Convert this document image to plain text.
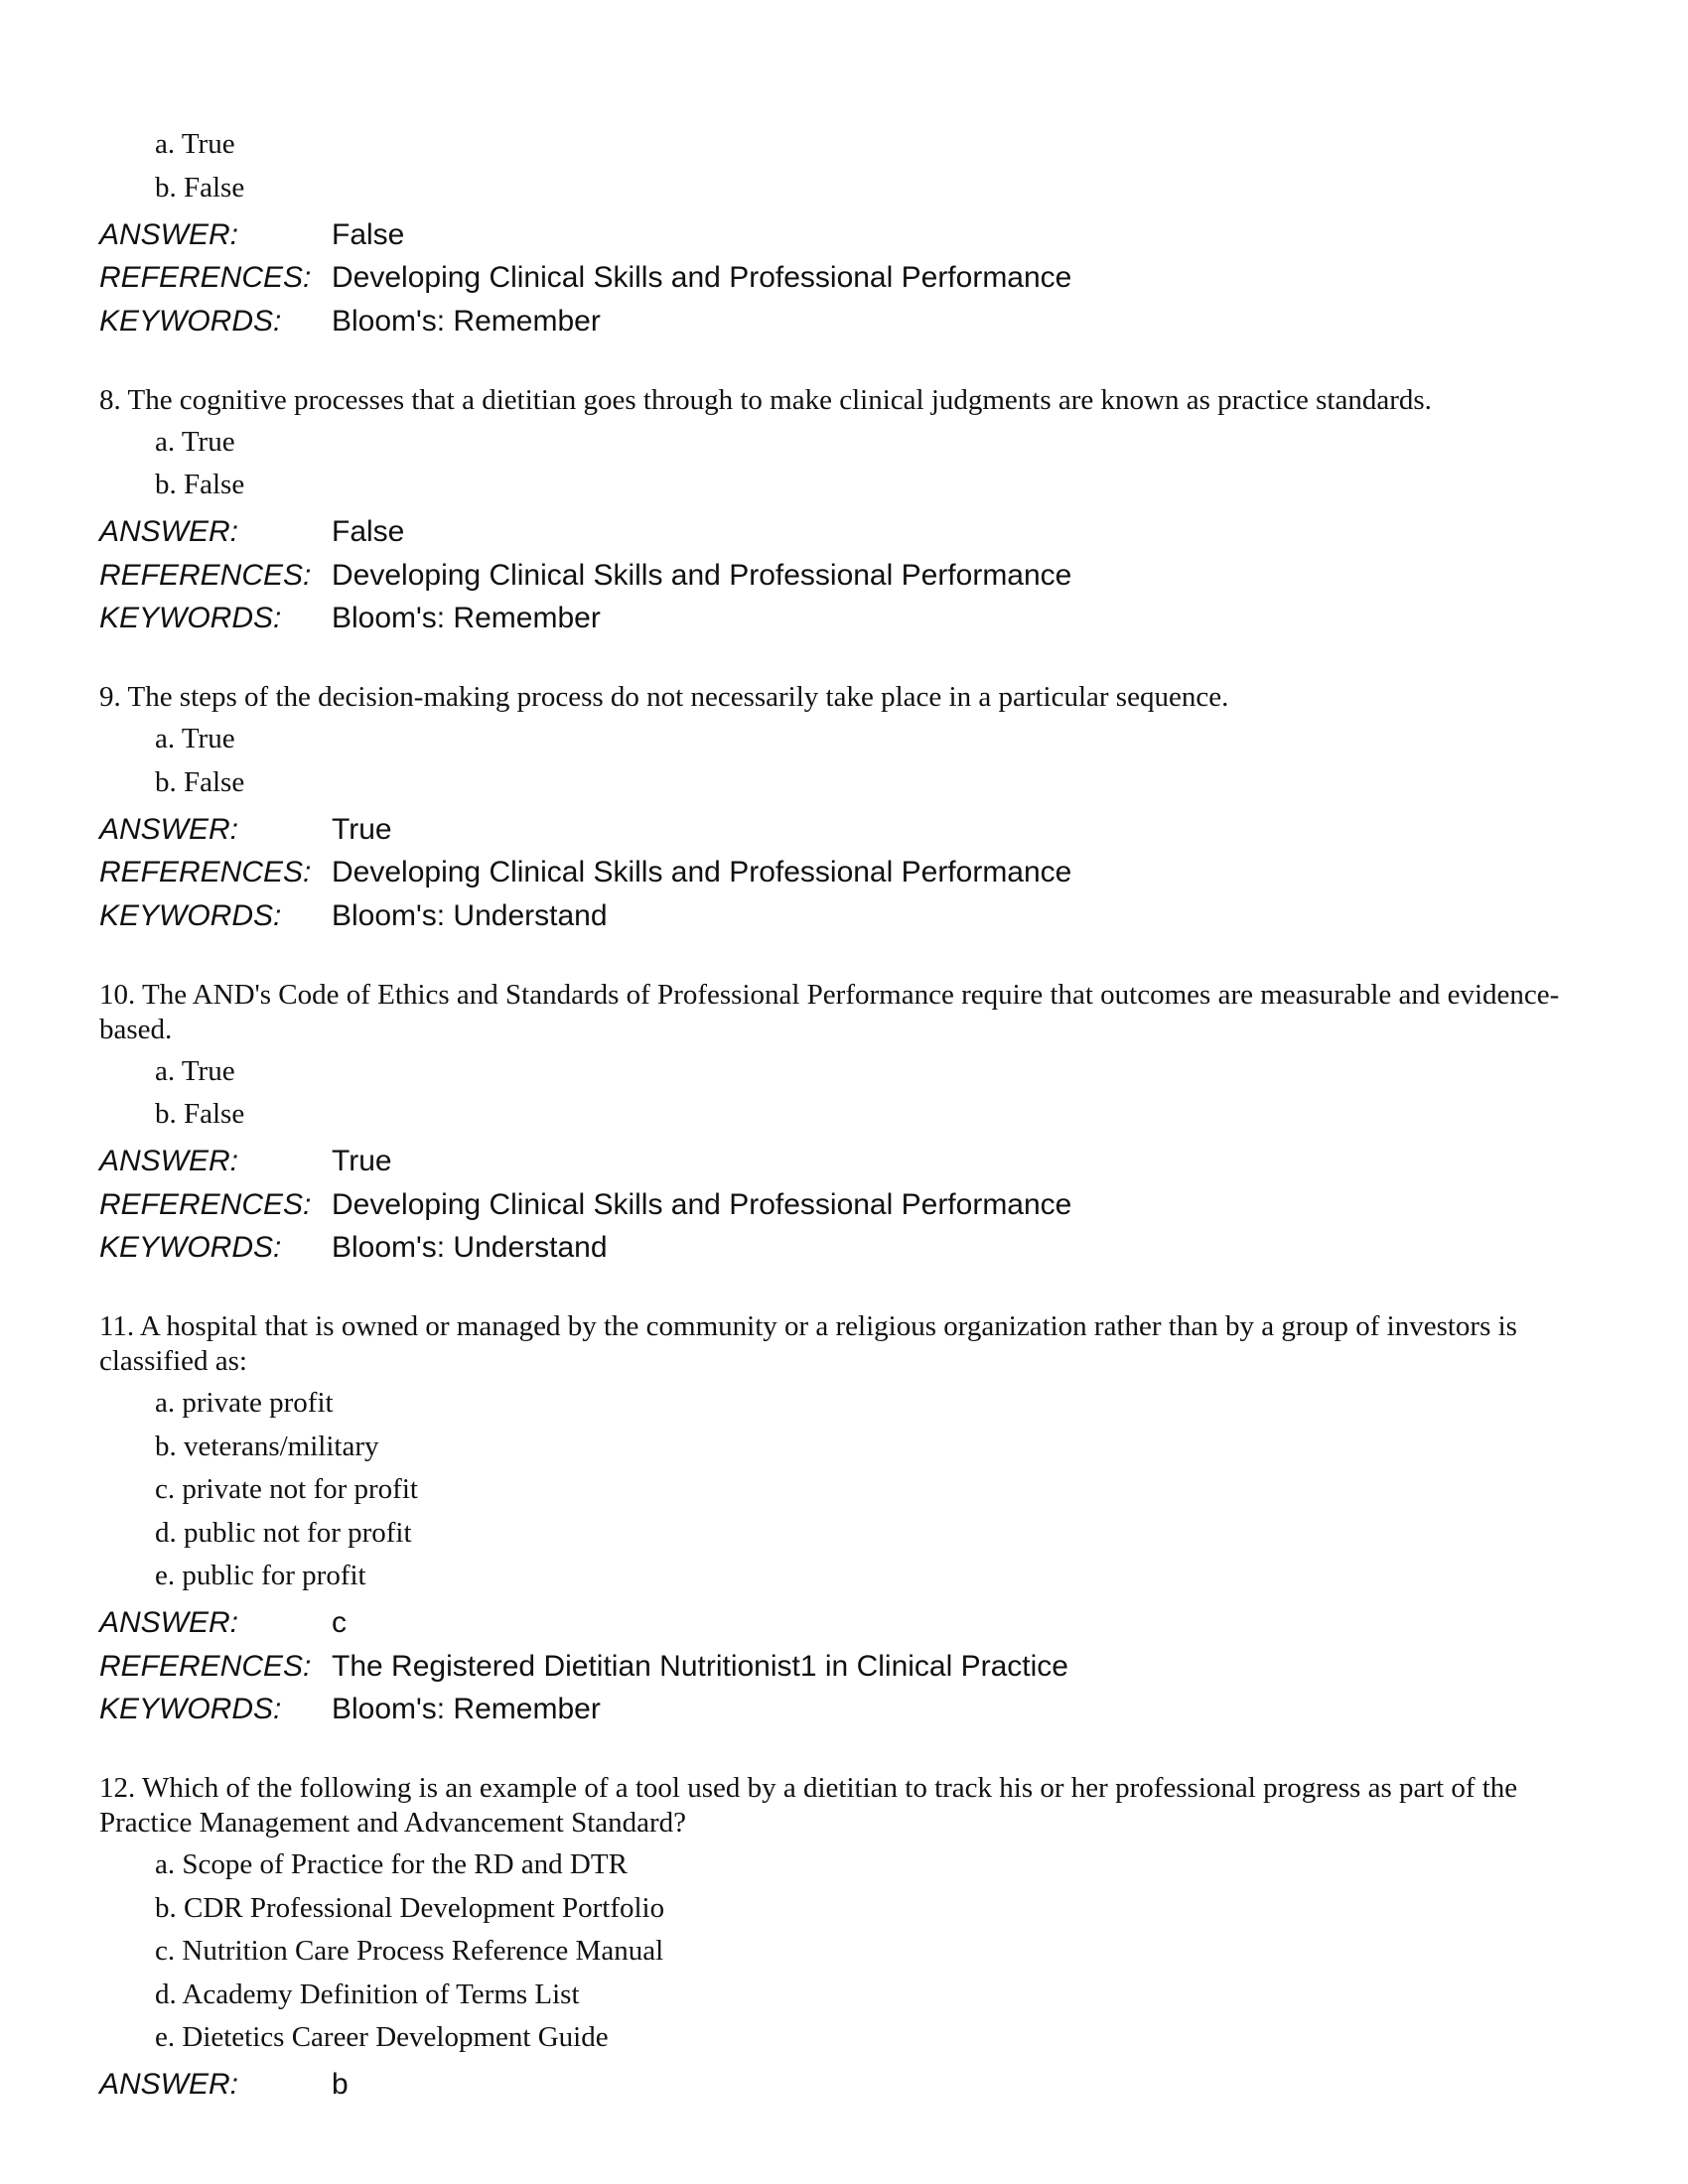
a. True
b. False
ANSWER:	False
REFERENCES: Developing Clinical Skills and Professional Performance
KEYWORDS:	Bloom's: Remember
8. The cognitive processes that a dietitian goes through to make clinical judgments are known as practice standards.
a. True
b. False
ANSWER:	False
REFERENCES: Developing Clinical Skills and Professional Performance
KEYWORDS:	Bloom's: Remember
9. The steps of the decision-making process do not necessarily take place in a particular sequence.
a. True
b. False
ANSWER:	True
REFERENCES: Developing Clinical Skills and Professional Performance
KEYWORDS:	Bloom's: Understand
10. The AND's Code of Ethics and Standards of Professional Performance require that outcomes are measurable and evidence-based.
a. True
b. False
ANSWER:	True
REFERENCES: Developing Clinical Skills and Professional Performance
KEYWORDS:	Bloom's: Understand
11. A hospital that is owned or managed by the community or a religious organization rather than by a group of investors is classified as:
a. private profit
b. veterans/military
c. private not for profit
d. public not for profit
e. public for profit
ANSWER:	c
REFERENCES: The Registered Dietitian Nutritionist1 in Clinical Practice
KEYWORDS:	Bloom's: Remember
12. Which of the following is an example of a tool used by a dietitian to track his or her professional progress as part of the Practice Management and Advancement Standard?
a. Scope of Practice for the RD and DTR
b. CDR Professional Development Portfolio
c. Nutrition Care Process Reference Manual
d. Academy Definition of Terms List
e. Dietetics Career Development Guide
ANSWER:	b
